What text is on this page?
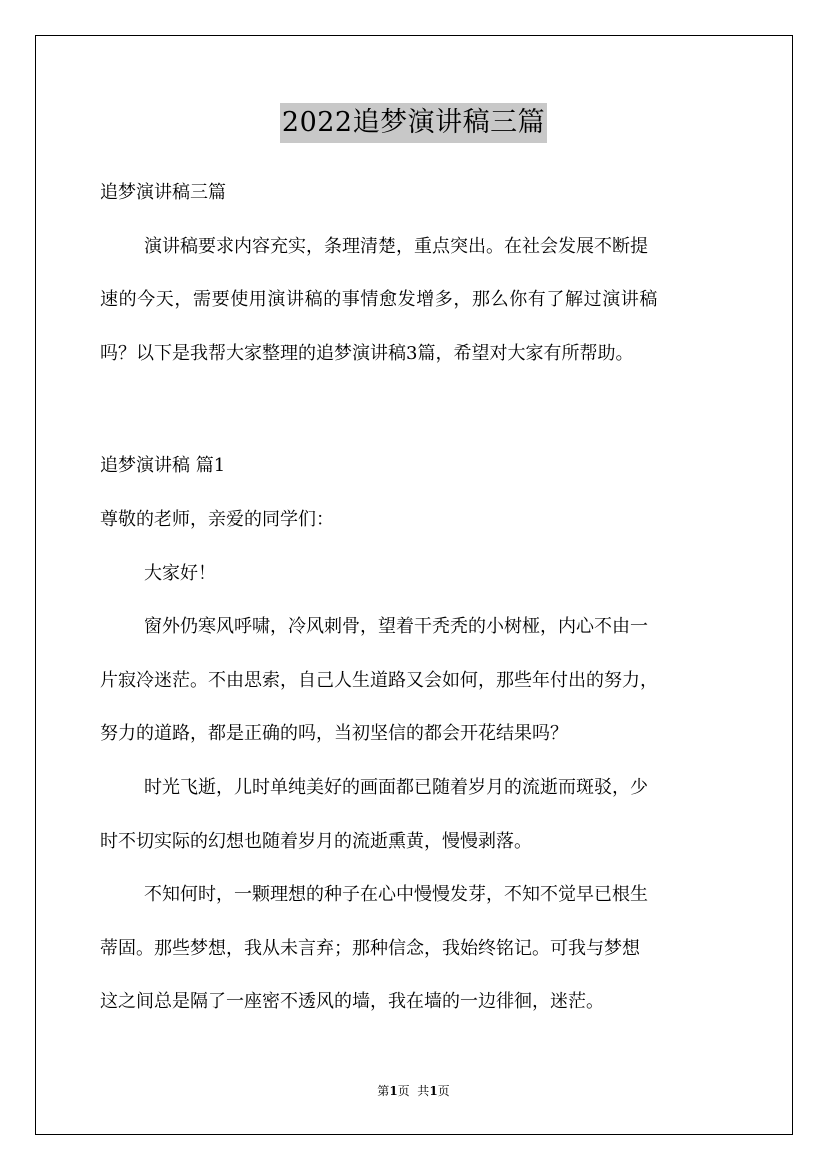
2022追梦演讲稿三篇

追梦演讲稿三篇

演讲稿要求内容充实，条理清楚，重点突出。在社会发展不断提

速的今天，需要使用演讲稿的事情愈发增多，那么你有了解过演讲稿

吗？以下是我帮大家整理的追梦演讲稿3篇，希望对大家有所帮助。

追梦演讲稿 篇1

尊敬的老师，亲爱的同学们：

大家好！

窗外仍寒风呼啸，冷风刺骨，望着干秃秃的小树桠，内心不由一

片寂冷迷茫。不由思索，自己人生道路又会如何，那些年付出的努力，

努力的道路，都是正确的吗，当初坚信的都会开花结果吗？

时光飞逝，儿时单纯美好的画面都已随着岁月的流逝而斑驳，少

时不切实际的幻想也随着岁月的流逝熏黄，慢慢剥落。

不知何时，一颗理想的种子在心中慢慢发芽，不知不觉早已根生

蒂固。那些梦想，我从未言弃；那种信念，我始终铭记。可我与梦想

这之间总是隔了一座密不透风的墙，我在墙的一边徘徊，迷茫。

第1页  共1页
